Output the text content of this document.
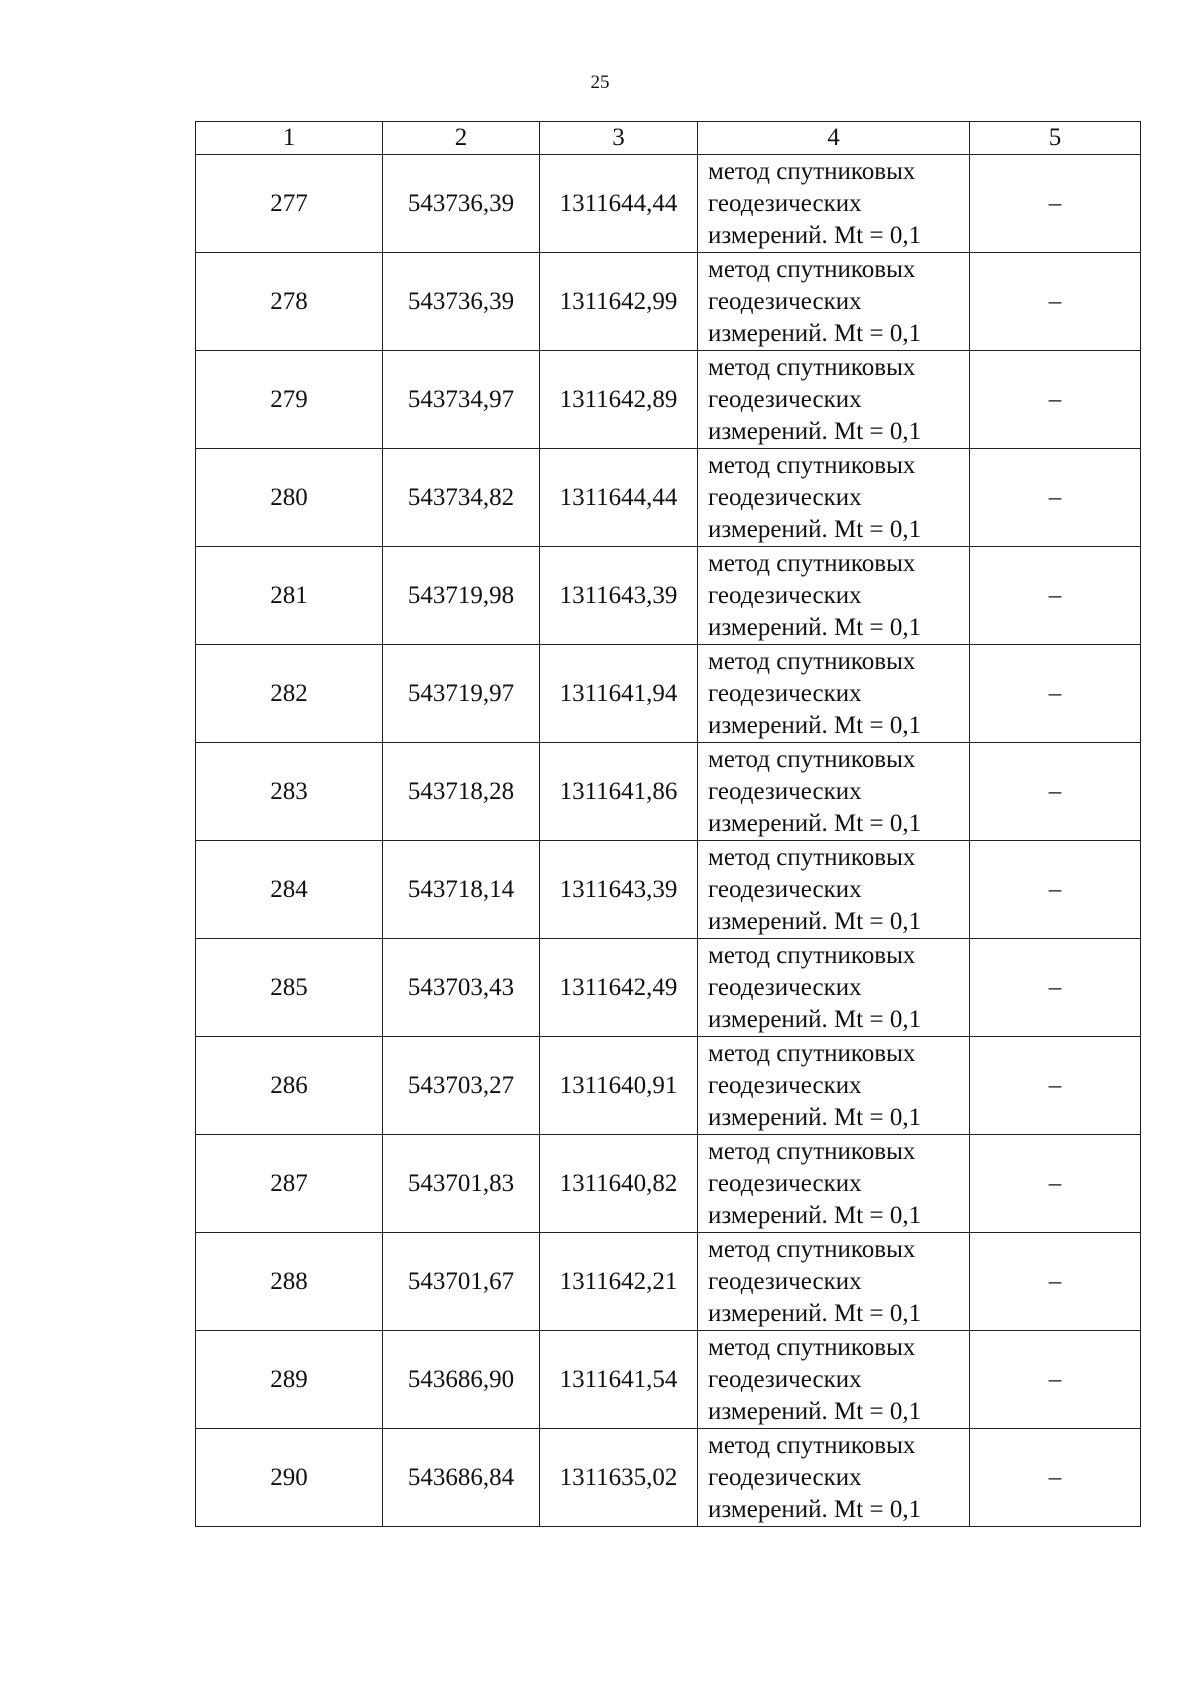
25
1	2	3	4	5
277	543736,39	1311644,44	метод спутниковых
геодезических
измерений. Mt = 0,1	–
278	543736,39	1311642,99	метод спутниковых
геодезических
измерений. Mt = 0,1	–
279	543734,97	1311642,89	метод спутниковых
геодезических
измерений. Mt = 0,1	–
280	543734,82	1311644,44	метод спутниковых
геодезических
измерений. Mt = 0,1	–
281	543719,98	1311643,39	метод спутниковых
геодезических
измерений. Mt = 0,1	–
282	543719,97	1311641,94	метод спутниковых
геодезических
измерений. Mt = 0,1	–
283	543718,28	1311641,86	метод спутниковых
геодезических
измерений. Mt = 0,1	–
284	543718,14	1311643,39	метод спутниковых
геодезических
измерений. Mt = 0,1	–
285	543703,43	1311642,49	метод спутниковых
геодезических
измерений. Mt = 0,1	–
286	543703,27	1311640,91	метод спутниковых
геодезических
измерений. Mt = 0,1	–
287	543701,83	1311640,82	метод спутниковых
геодезических
измерений. Mt = 0,1	–
288	543701,67	1311642,21	метод спутниковых
геодезических
измерений. Mt = 0,1	–
289	543686,90	1311641,54	метод спутниковых
геодезических
измерений. Mt = 0,1	–
290	543686,84	1311635,02	метод спутниковых
геодезических
измерений. Mt = 0,1	–
